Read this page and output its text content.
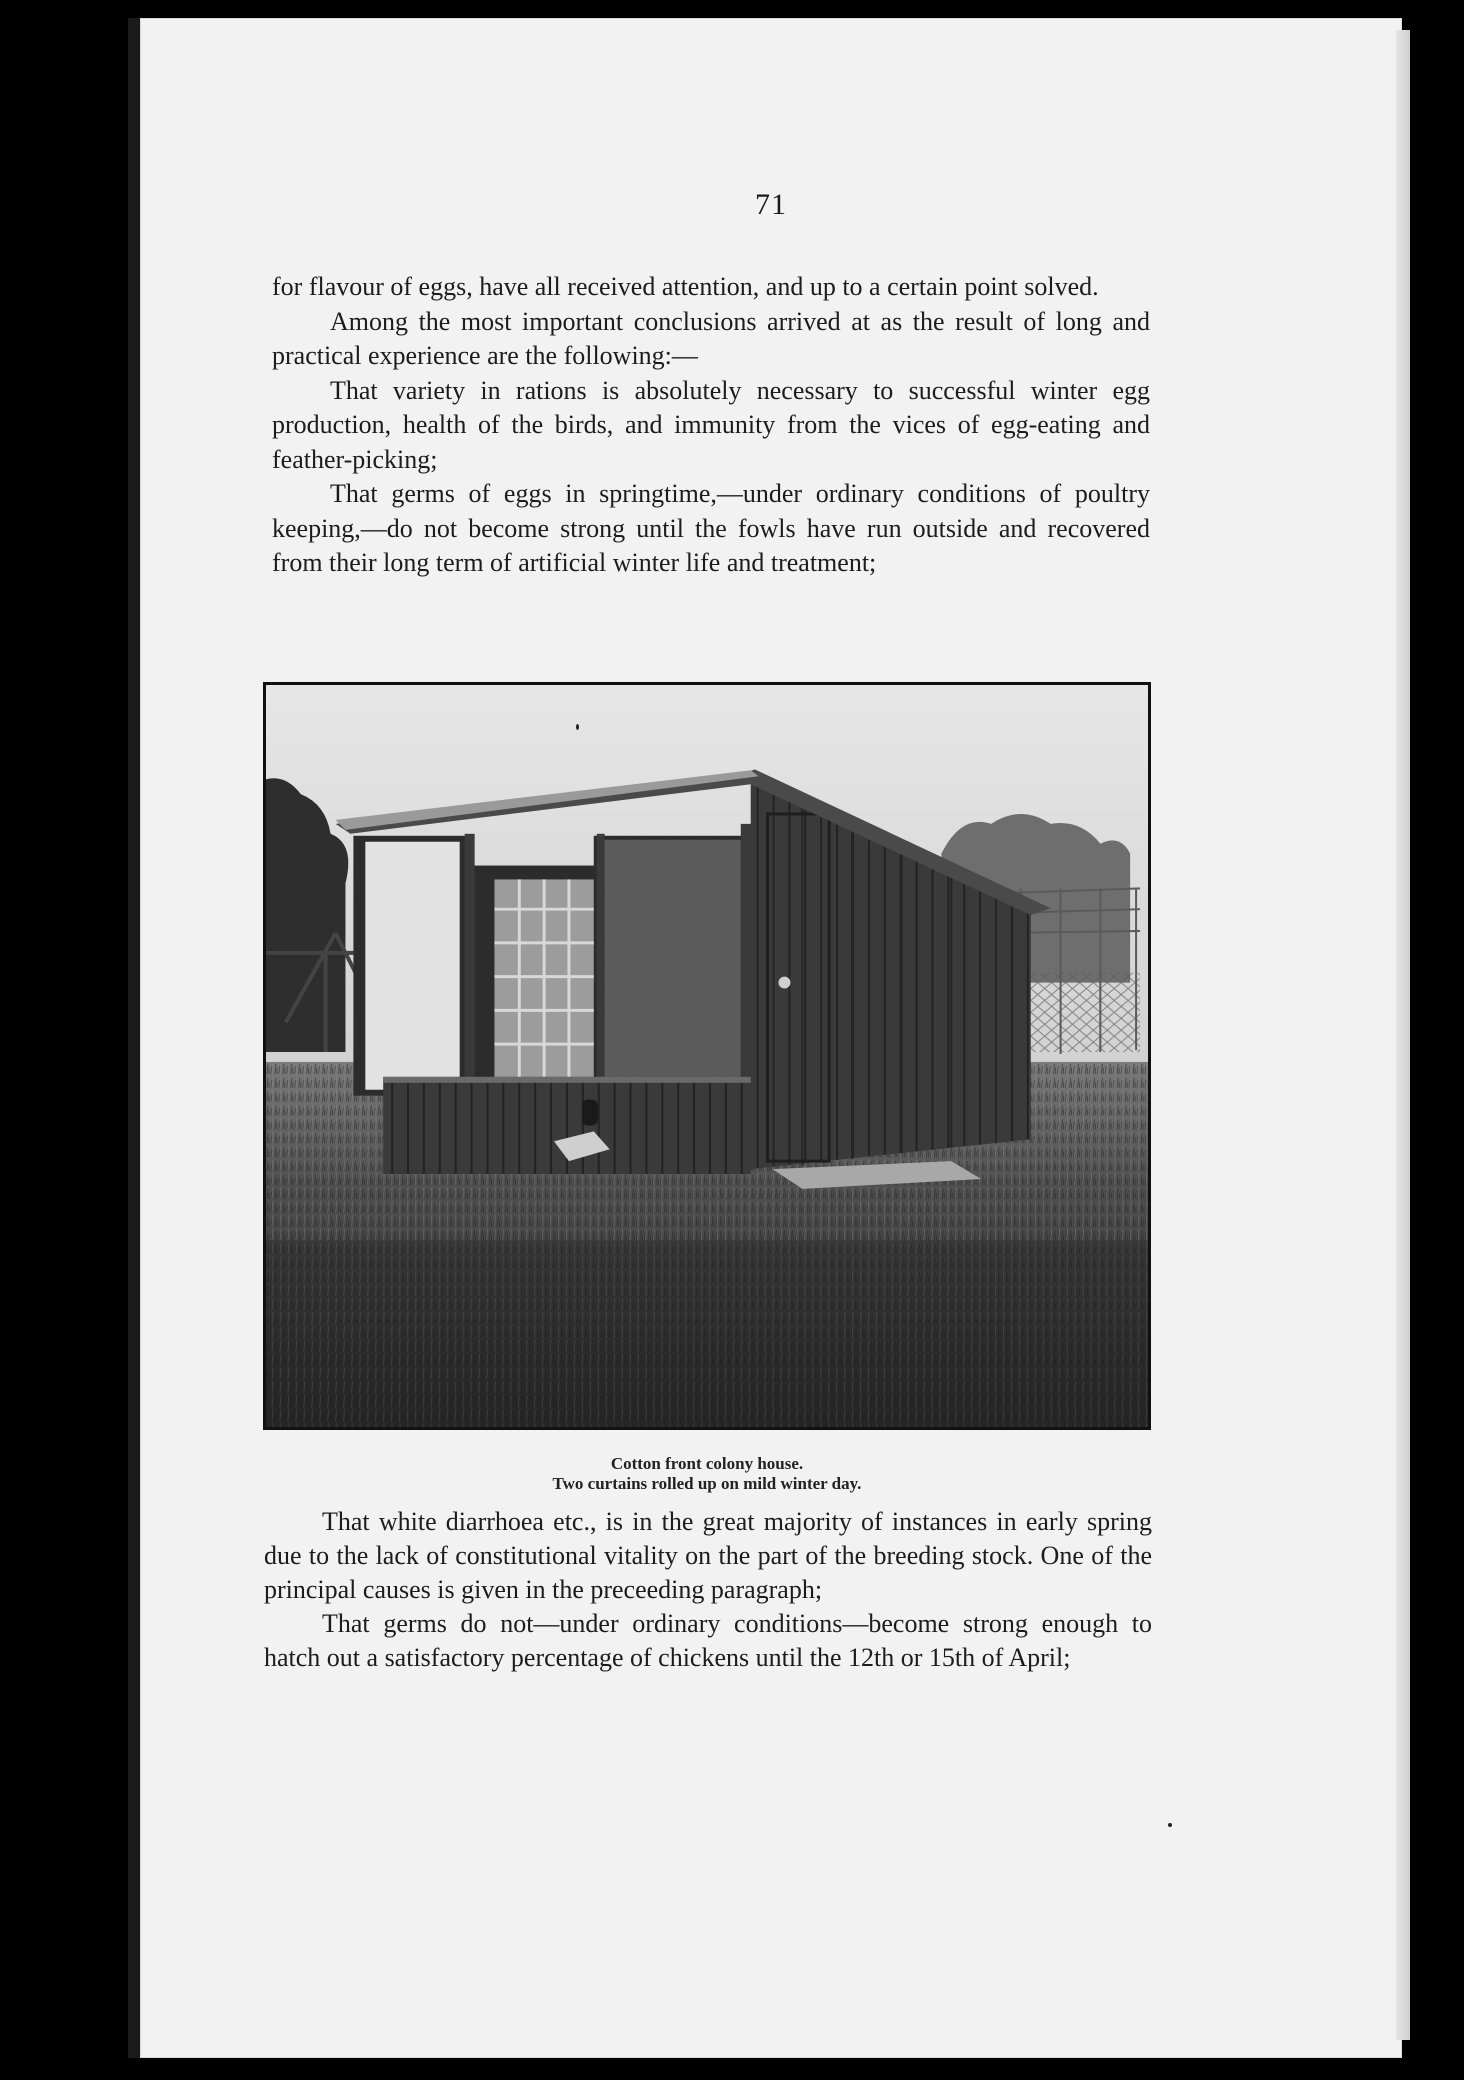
71

for flavour of eggs, have all received attention, and up to a certain point solved.

Among the most important conclusions arrived at as the result of long and practical experience are the following:—

That variety in rations is absolutely necessary to successful winter egg production, health of the birds, and immunity from the vices of egg-eating and feather-picking;

That germs of eggs in springtime,—under ordinary conditions of poultry keeping,—do not become strong until the fowls have run outside and recovered from their long term of artificial winter life and treatment;

Cotton front colony house.
Two curtains rolled up on mild winter day.

That white diarrhoea etc., is in the great majority of instances in early spring due to the lack of constitutional vitality on the part of the breeding stock. One of the principal causes is given in the preceeding paragraph;

That germs do not—under ordinary conditions—become strong enough to hatch out a satisfactory percentage of chickens until the 12th or 15th of April;
